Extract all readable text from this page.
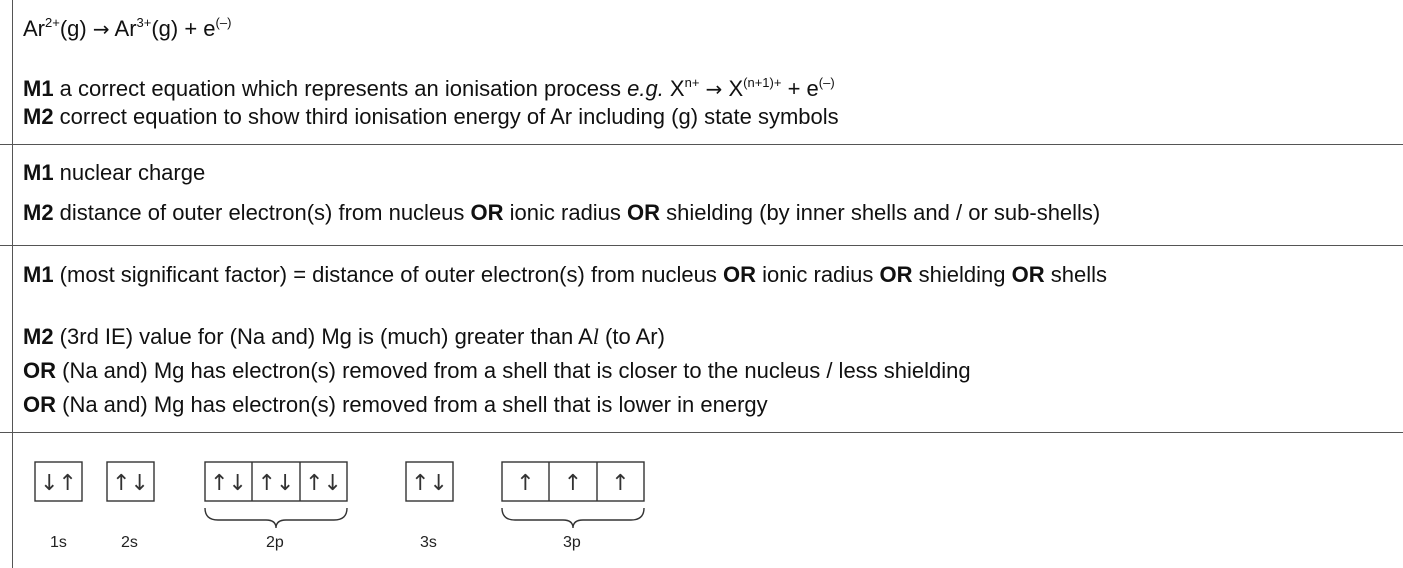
$Ar^{2+}(g) \to Ar^{3+}(g) + e^{(-)}$
M1 a correct equation which represents an ionisation process e.g. $X^{n+} \to X^{(n+1)+} + e^{(-)}$
M2 correct equation to show third ionisation energy of Ar including (g) state symbols
M1 nuclear charge
M2 distance of outer electron(s) from nucleus OR ionic radius OR shielding (by inner shells and / or sub-shells)
M1 (most significant factor) = distance of outer electron(s) from nucleus OR ionic radius OR shielding OR shells
M2 (3rd IE) value for (Na and) Mg is (much) greater than Al (to Ar)
OR (Na and) Mg has electron(s) removed from a shell that is closer to the nucleus / less shielding
OR (Na and) Mg has electron(s) removed from a shell that is lower in energy
↓↑ ↑↓	↑↓ ↑↓ ↑↓	↑↓	↑ ↑ ↑
1s	2s	2p	3s	3p
